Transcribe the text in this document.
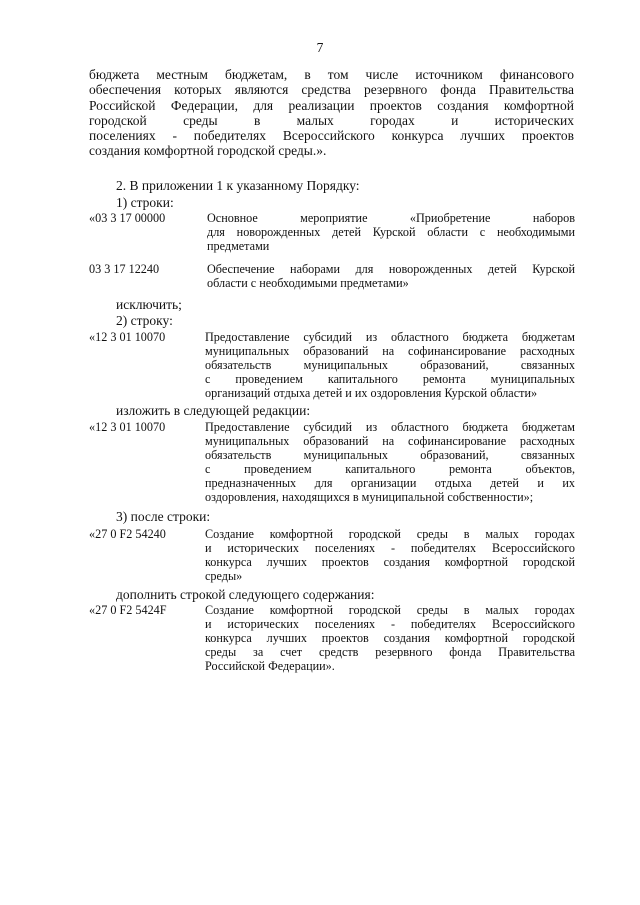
7
бюджета местным бюджетам, в том числе источником финансового
обеспечения которых являются средства резервного фонда Правительства
Российской Федерации, для реализации проектов создания комфортной
городской среды в малых городах и исторических
поселениях - победителях Всероссийского конкурса лучших проектов
создания комфортной городской среды.».
2. В приложении 1 к указанному Порядку:
1) строки:
«03 3 17 00000	Основное мероприятие «Приобретение наборов
для новорожденных детей Курской области с необходимыми
предметами
03 3 17 12240	Обеспечение наборами для новорожденных детей Курской
области с необходимыми предметами»
исключить;
2) строку:
«12 3 01 10070	Предоставление субсидий из областного бюджета бюджетам
муниципальных образований на софинансирование расходных
обязательств муниципальных образований, связанных
с проведением капитального ремонта муниципальных
организаций отдыха детей и их оздоровления Курской области»
изложить в следующей редакции:
«12 3 01 10070	Предоставление субсидий из областного бюджета бюджетам
муниципальных образований на софинансирование расходных
обязательств муниципальных образований, связанных
с проведением капитального ремонта объектов,
предназначенных для организации отдыха детей и их
оздоровления, находящихся в муниципальной собственности»;
3) после строки:
«27 0 F2 54240	Создание комфортной городской среды в малых городах
и исторических поселениях - победителях Всероссийского
конкурса лучших проектов создания комфортной городской
среды»
дополнить строкой следующего содержания:
«27 0 F2 5424F	Создание комфортной городской среды в малых городах
и исторических поселениях - победителях Всероссийского
конкурса лучших проектов создания комфортной городской
среды за счет средств резервного фонда Правительства
Российской Федерации».
